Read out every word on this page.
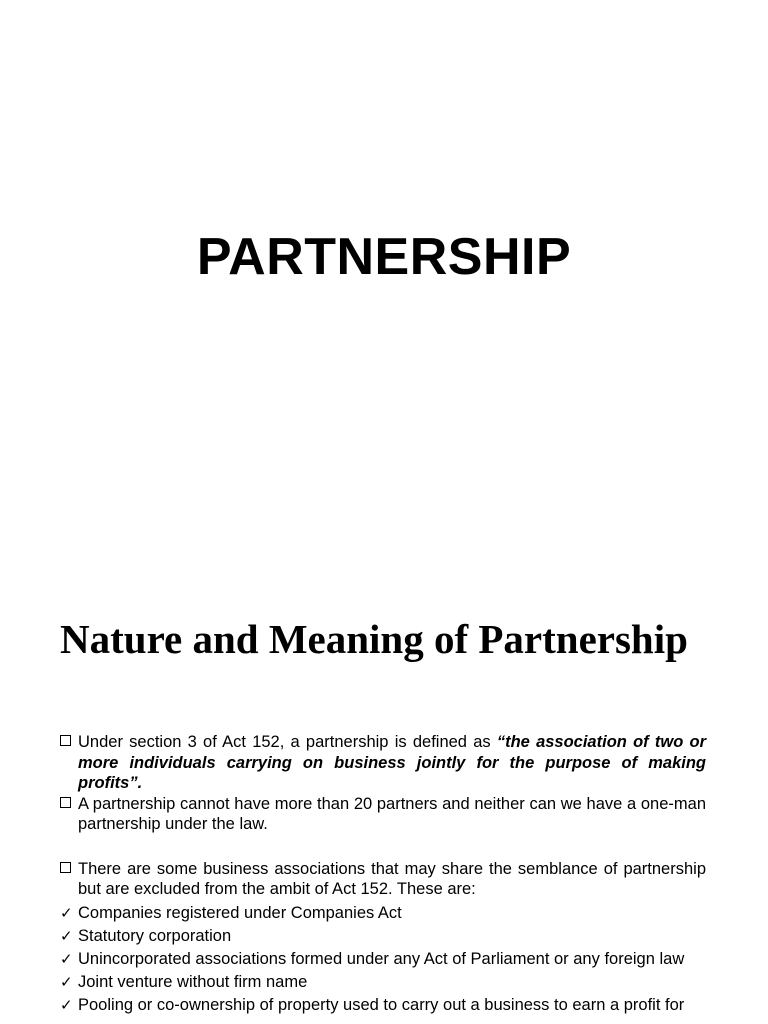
PARTNERSHIP
Nature and Meaning of Partnership

Under section 3 of Act 152, a partnership is defined as “the association of two or more individuals carrying on business jointly for the purpose of making profits”.

A partnership cannot have more than 20 partners and neither can we have a one-man partnership under the law.

There are some business associations that may share the semblance of partnership but are excluded from the ambit of Act 152. These are:

✓ Companies registered under Companies Act

✓ Statutory corporation

✓ Unincorporated associations formed under any Act of Parliament or any foreign law

✓ Joint venture without firm name

✓ Pooling or co-ownership of property used to carry out a business to earn a profit for
